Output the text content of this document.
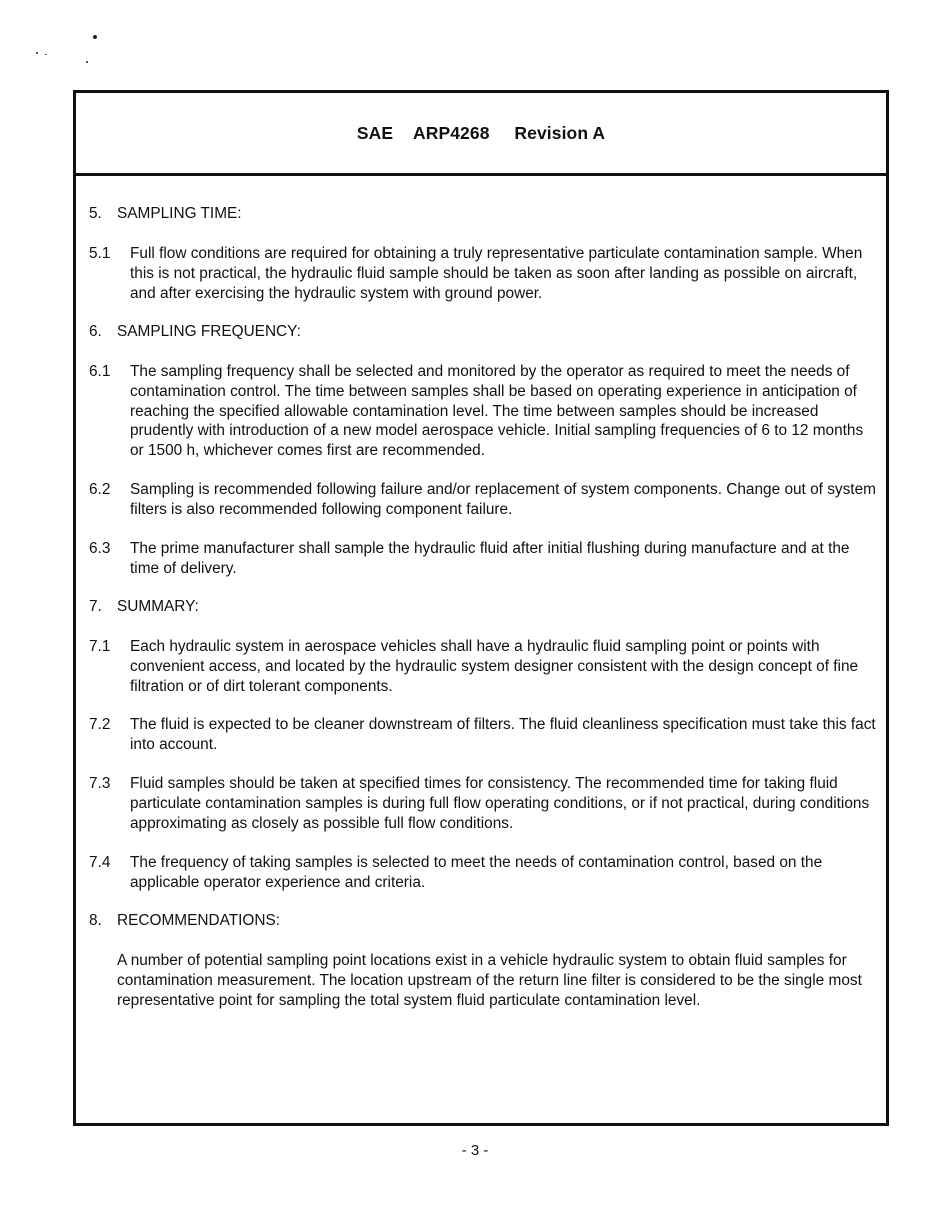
SAE
ARP4268
Revision A
5. SAMPLING TIME:
5.1 Full flow conditions are required for obtaining a truly representative particulate contamination sample. When this is not practical, the hydraulic fluid sample should be taken as soon after landing as possible on aircraft, and after exercising the hydraulic system with ground power.
6. SAMPLING FREQUENCY:
6.1 The sampling frequency shall be selected and monitored by the operator as required to meet the needs of contamination control. The time between samples shall be based on operating experience in anticipation of reaching the specified allowable contamination level. The time between samples should be increased prudently with introduction of a new model aerospace vehicle. Initial sampling frequencies of 6 to 12 months or 1500 h, whichever comes first are recommended.
6.2 Sampling is recommended following failure and/or replacement of system components. Change out of system filters is also recommended following component failure.
6.3 The prime manufacturer shall sample the hydraulic fluid after initial flushing during manufacture and at the time of delivery.
7. SUMMARY:
7.1 Each hydraulic system in aerospace vehicles shall have a hydraulic fluid sampling point or points with convenient access, and located by the hydraulic system designer consistent with the design concept of fine filtration or of dirt tolerant components.
7.2 The fluid is expected to be cleaner downstream of filters. The fluid cleanliness specification must take this fact into account.
7.3 Fluid samples should be taken at specified times for consistency. The recommended time for taking fluid particulate contamination samples is during full flow operating conditions, or if not practical, during conditions approximating as closely as possible full flow conditions.
7.4 The frequency of taking samples is selected to meet the needs of contamination control, based on the applicable operator experience and criteria.
8. RECOMMENDATIONS:
A number of potential sampling point locations exist in a vehicle hydraulic system to obtain fluid samples for contamination measurement. The location upstream of the return line filter is considered to be the single most representative point for sampling the total system fluid particulate contamination level.
- 3 -
